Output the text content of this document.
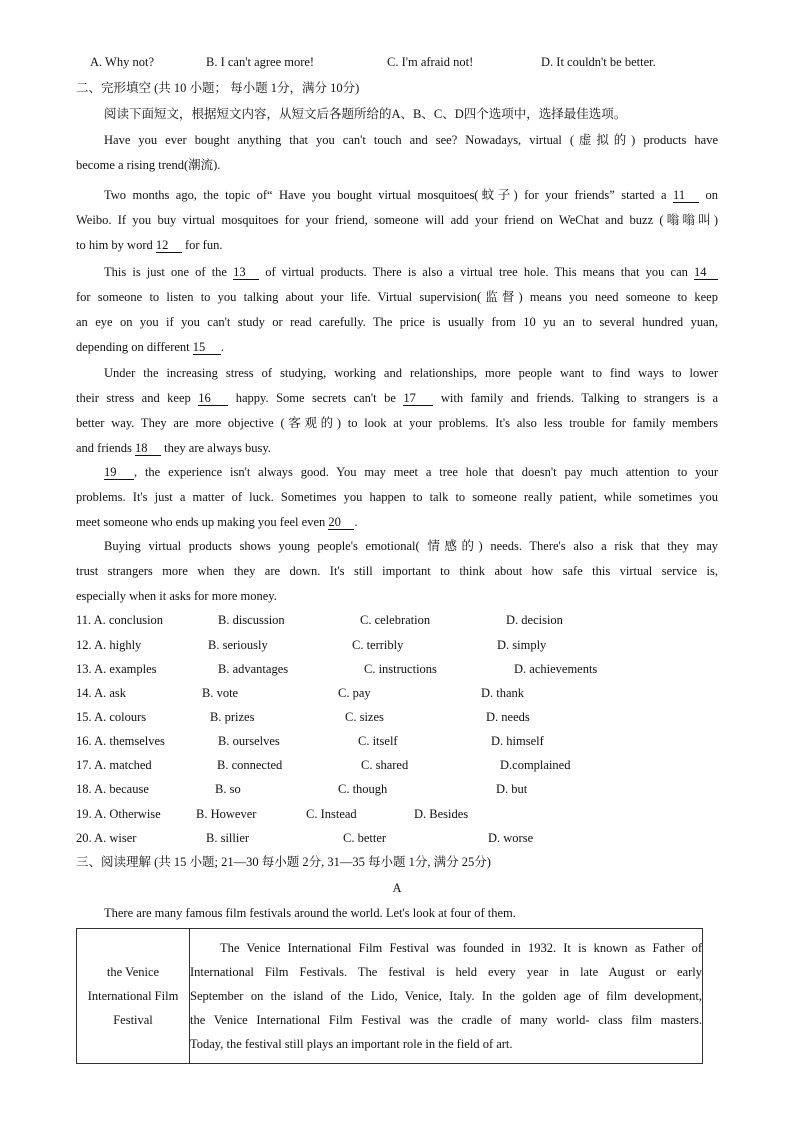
A. Why not?	B. I can't agree more!	C. I'm afraid not!	D. It couldn't be better.
二、完形填空 (共 10 小题； 每小题 1分，满分 10分)
阅读下面短文，根据短文内容，从短文后各题所给的A、B、C、D四个选项中，选择最佳选项。
Have you ever bought anything that you can't touch and see? Nowadays, virtual (虚拟的) products have
become a rising trend(潮流).
Two months ago, the topic of“ Have you bought virtual mosquitoes(蚊子) for your friends” started a 11 on
Weibo. If you buy virtual mosquitoes for your friend, someone will add your friend on WeChat and buzz (嗡嗡叫)
to him by word 12 for fun.
This is just one of the 13 of virtual products. There is also a virtual tree hole. This means that you can 14
for someone to listen to you talking about your life. Virtual supervision(监督) means you need someone to keep
an eye on you if you can't study or read carefully. The price is usually from 10 yu an to several hundred yuan,
depending on different 15 .
Under the increasing stress of studying, working and relationships, more people want to find ways to lower
their stress and keep 16 happy. Some secrets can't be 17 with family and friends. Talking to strangers is a
better way. They are more objective (客观的) to look at your problems. It's also less trouble for family members
and friends 18 they are always busy.
19 , the experience isn't always good. You may meet a tree hole that doesn't pay much attention to your
problems. It's just a matter of luck. Sometimes you happen to talk to someone really patient, while sometimes you
meet someone who ends up making you feel even 20 .
Buying virtual products shows young people's emotional( 情感的) needs. There's also a risk that they may
trust strangers more when they are down. It's still important to think about how safe this virtual service is,
especially when it asks for more money.
11. A. conclusion	B. discussion	C. celebration	D. decision
12. A. highly	B. seriously	C. terribly	D. simply
13. A. examples	B. advantages	C. instructions	D. achievements
14. A. ask	B. vote	C. pay	D. thank
15. A. colours	B. prizes	C. sizes	D. needs
16. A. themselves	B. ourselves	C. itself	D. himself
17. A. matched	B. connected	C. shared	D.complained
18. A. because	B. so	C. though	D. but
19. A. Otherwise	B. However	C. Instead	D. Besides
20. A. wiser	B. sillier	C. better	D. worse
三、阅读理解 (共 15 小题; 21—30 每小题 2分, 31—35 每小题 1分, 满分 25分)
A
There are many famous film festivals around the world. Let's look at four of them.
the Venice
International Film
Festival

The Venice International Film Festival was founded in 1932. It is known as Father of
International Film Festivals. The festival is held every year in late August or early
September on the island of the Lido, Venice, Italy. In the golden age of film development,
the Venice International Film Festival was the cradle of many world- class film masters.
Today, the festival still plays an important role in the field of art.
